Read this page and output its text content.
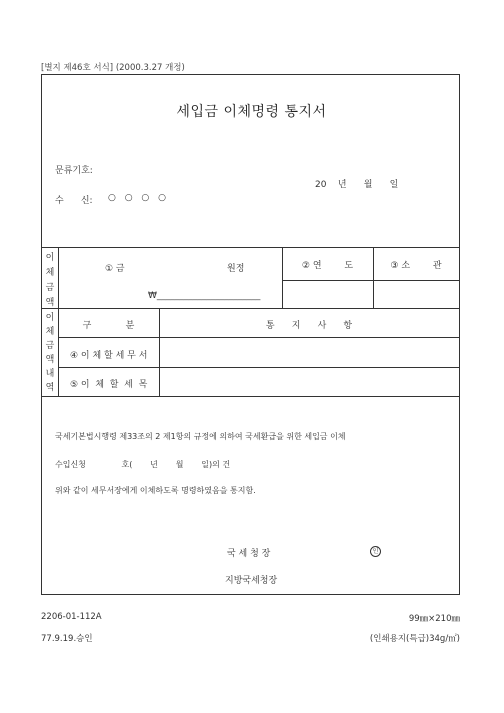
[별지 제46호 서식] (2000.3.27 개정)
세입금 이체명령 통지서
문류기호:
20    년      월      일
수      신: ○ ○ ○ ○
이
체
금
액
이
체
금
액
내
역
① 금	원정
₩_______________________
② 연        도	③ 소        관
구            분	통      지      사      항
④ 이 체 할 세 무 서
⑤ 이  체  할  세  목
국세기본법시행령 제33조의 2 제1항의 규정에 의하여 국세환급을 위한 세입금 이체
수입신청              호(       년       월       일)의 건
위와 같이 세무서장에게 이체하도록 명령하였음을 통지함.
국 세 청 장	인
지방국세청장
2206-01-112A
77.9.19.승인
99㎜×210㎜
(인쇄용지(특급)34g/㎡)
